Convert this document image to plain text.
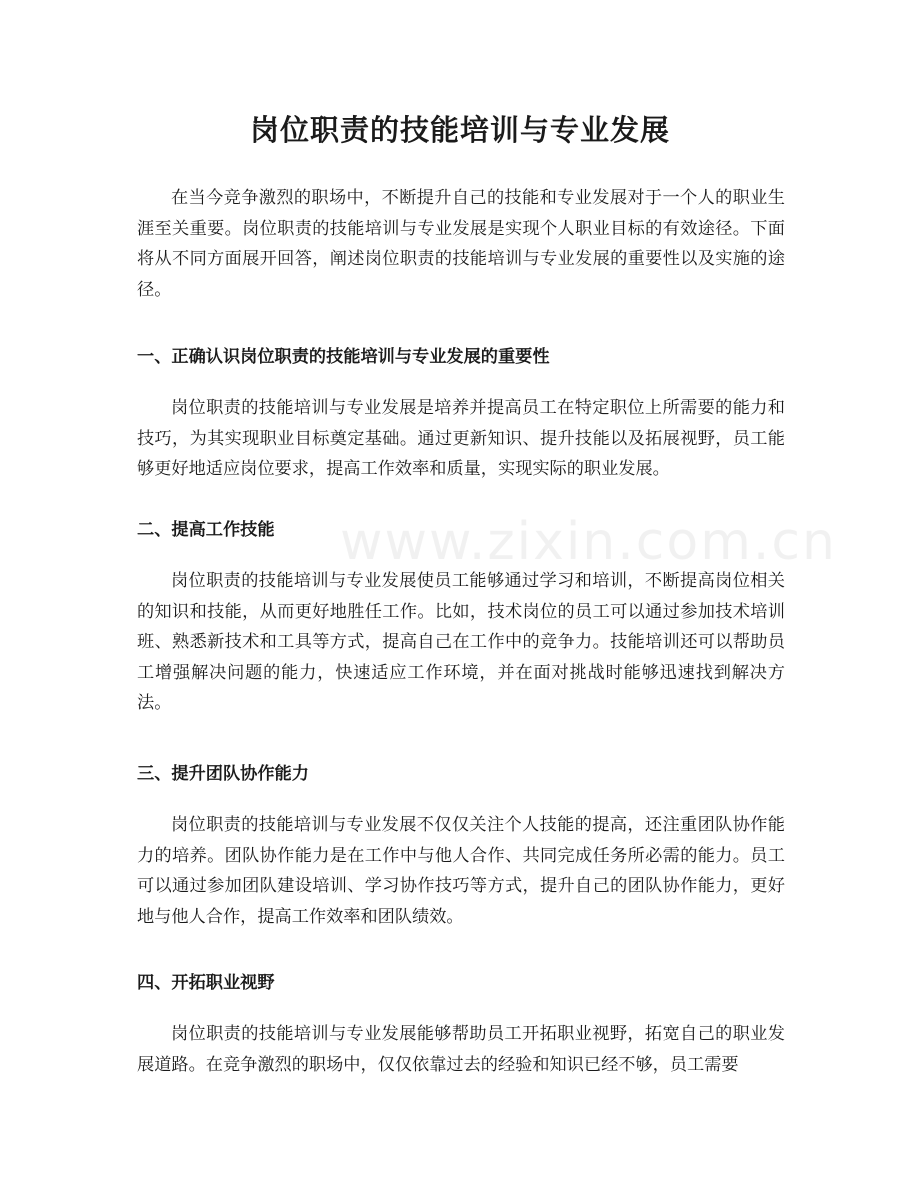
www.zixin.com.cn
岗位职责的技能培训与专业发展

在当今竞争激烈的职场中，不断提升自己的技能和专业发展对于一个人的职业生涯至关重要。岗位职责的技能培训与专业发展是实现个人职业目标的有效途径。下面将从不同方面展开回答，阐述岗位职责的技能培训与专业发展的重要性以及实施的途径。

一、正确认识岗位职责的技能培训与专业发展的重要性

岗位职责的技能培训与专业发展是培养并提高员工在特定职位上所需要的能力和技巧，为其实现职业目标奠定基础。通过更新知识、提升技能以及拓展视野，员工能够更好地适应岗位要求，提高工作效率和质量，实现实际的职业发展。

二、提高工作技能

岗位职责的技能培训与专业发展使员工能够通过学习和培训，不断提高岗位相关的知识和技能，从而更好地胜任工作。比如，技术岗位的员工可以通过参加技术培训班、熟悉新技术和工具等方式，提高自己在工作中的竞争力。技能培训还可以帮助员工增强解决问题的能力，快速适应工作环境，并在面对挑战时能够迅速找到解决方法。

三、提升团队协作能力

岗位职责的技能培训与专业发展不仅仅关注个人技能的提高，还注重团队协作能力的培养。团队协作能力是在工作中与他人合作、共同完成任务所必需的能力。员工可以通过参加团队建设培训、学习协作技巧等方式，提升自己的团队协作能力，更好地与他人合作，提高工作效率和团队绩效。

四、开拓职业视野

岗位职责的技能培训与专业发展能够帮助员工开拓职业视野，拓宽自己的职业发展道路。在竞争激烈的职场中，仅仅依靠过去的经验和知识已经不够，员工需要
